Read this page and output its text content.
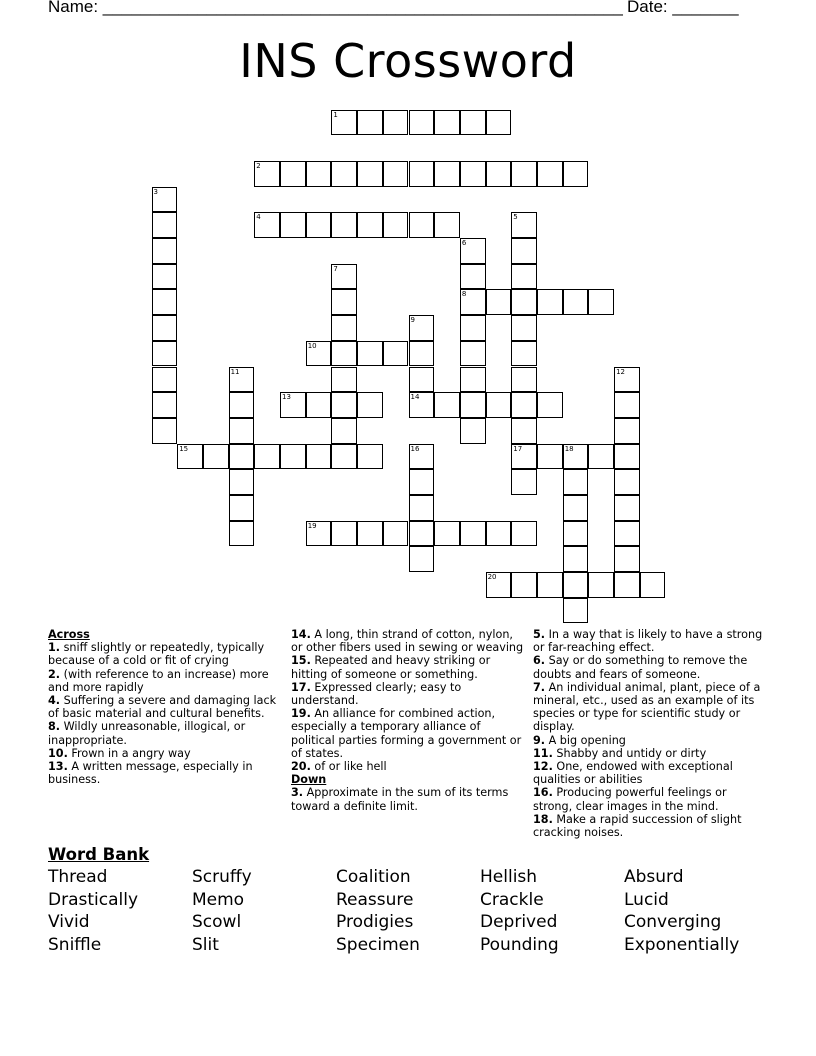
Name: _______________________________________________________ Date: _______
INS Crossword
1
2
3
4	5
17
6
8
7
9
14
10
11	12
13
15	16	18
19
20
Across
1. sniff slightly or repeatedly, typically because of a cold or fit of crying
2. (with reference to an increase) more and more rapidly
4. Suffering a severe and damaging lack of basic material and cultural benefits.
8. Wildly unreasonable, illogical, or inappropriate.
10. Frown in a angry way
13. A written message, especially in business.
14. A long, thin strand of cotton, nylon, or other fibers used in sewing or weaving
15. Repeated and heavy striking or hitting of someone or something.
17. Expressed clearly; easy to understand.
19. An alliance for combined action, especially a temporary alliance of political parties forming a government or of states.
20. of or like hell
Down
3. Approximate in the sum of its terms toward a definite limit.
5. In a way that is likely to have a strong or far-reaching effect.
6. Say or do something to remove the doubts and fears of someone.
7. An individual animal, plant, piece of a mineral, etc., used as an example of its species or type for scientific study or display.
9. A big opening
11. Shabby and untidy or dirty
12. One, endowed with exceptional qualities or abilities
16. Producing powerful feelings or strong, clear images in the mind.
18. Make a rapid succession of slight cracking noises.
Word Bank
Thread
Drastically
Vivid
Sniffle
Scruffy
Memo
Scowl
Slit
Coalition
Reassure
Prodigies
Specimen
Hellish
Crackle
Deprived
Pounding
Absurd
Lucid
Converging
Exponentially
